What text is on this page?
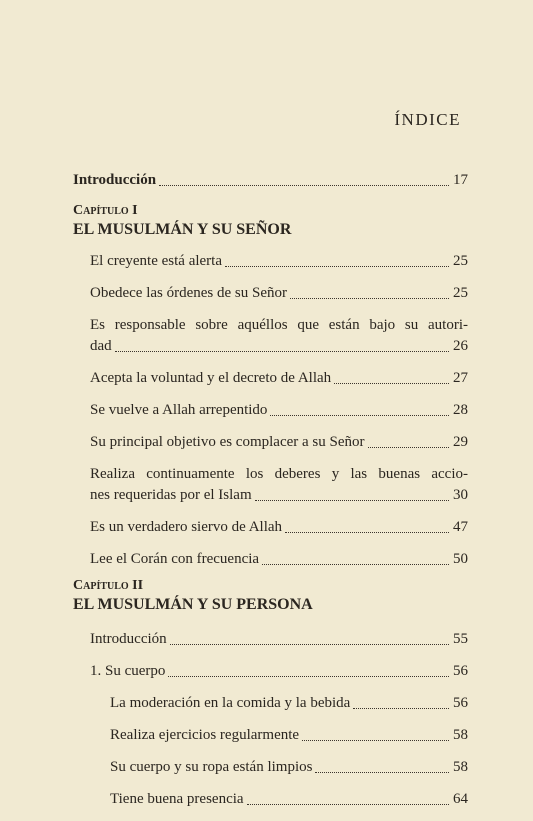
ÍNDICE
Introducción	17
Capítulo I
EL MUSULMÁN Y SU SEÑOR
El creyente está alerta	25
Obedece las órdenes de su Señor	25
Es responsable sobre aquéllos que están bajo su autori-
dad	26
Acepta la voluntad y el decreto de Allah	27
Se vuelve a Allah arrepentido	28
Su principal objetivo es complacer a su Señor	29
Realiza continuamente los deberes y las buenas accio-
nes requeridas por el Islam	30
Es un verdadero siervo de Allah	47
Lee el Corán con frecuencia	50
Capítulo II
EL MUSULMÁN Y SU PERSONA
Introducción	55
1. Su cuerpo	56
La moderación en la comida y la bebida	56
Realiza ejercicios regularmente	58
Su cuerpo y su ropa están limpios	58
Tiene buena presencia	64
